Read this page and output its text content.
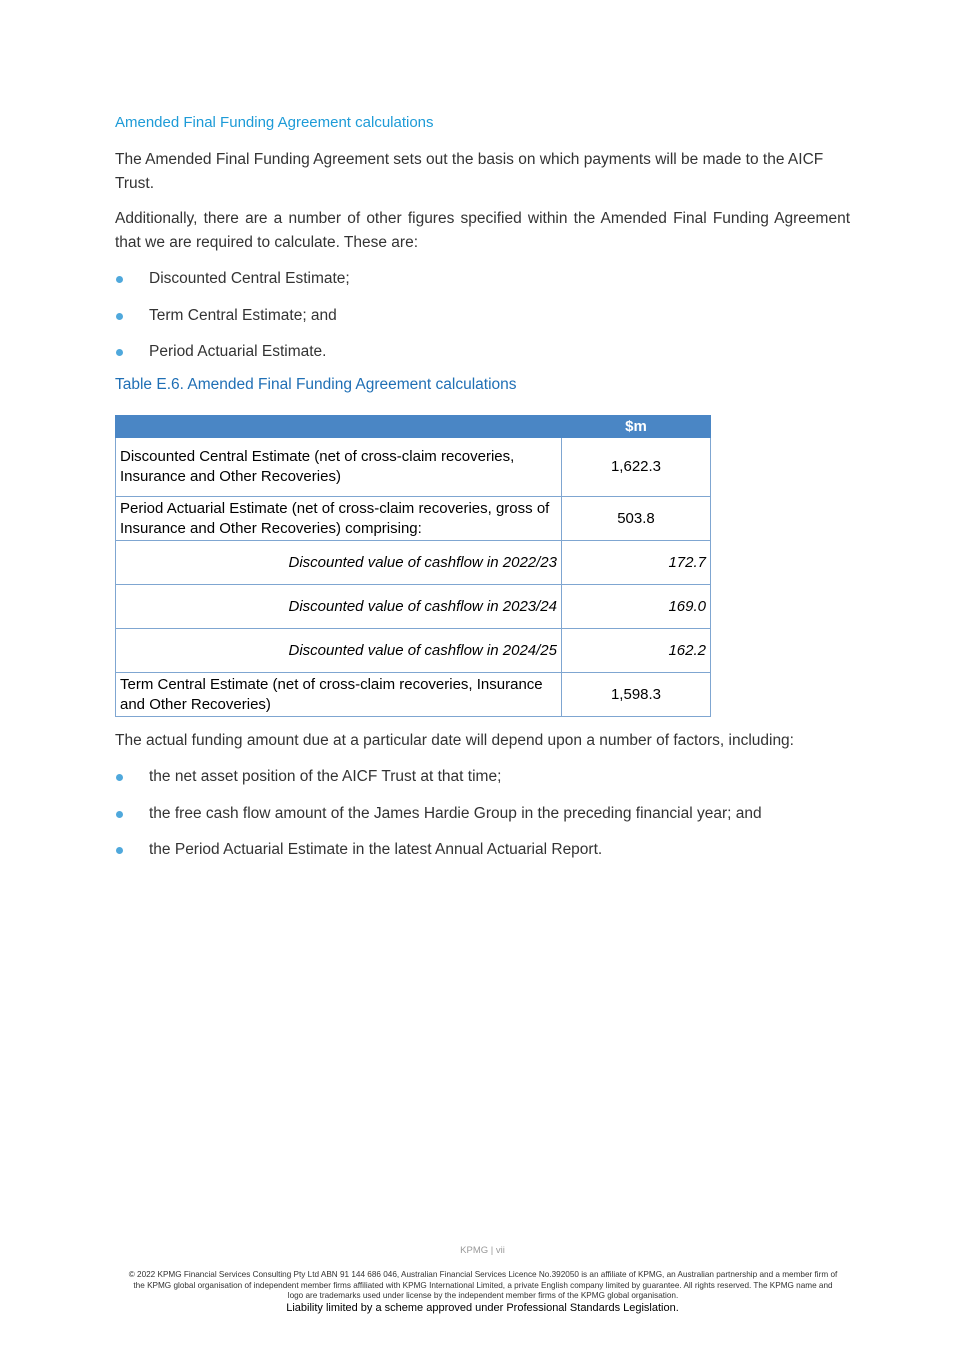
Amended Final Funding Agreement calculations

The Amended Final Funding Agreement sets out the basis on which payments will be made to the AICF Trust.

Additionally, there are a number of other figures specified within the Amended Final Funding Agreement that we are required to calculate. These are:

Discounted Central Estimate;
Term Central Estimate; and
Period Actuarial Estimate.

Table E.6. Amended Final Funding Agreement calculations

	$m
Discounted Central Estimate (net of cross-claim recoveries, Insurance and Other Recoveries)	1,622.3
Period Actuarial Estimate (net of cross-claim recoveries, gross of Insurance and Other Recoveries) comprising:	503.8
Discounted value of cashflow in 2022/23	172.7
Discounted value of cashflow in 2023/24	169.0
Discounted value of cashflow in 2024/25	162.2
Term Central Estimate (net of cross-claim recoveries, Insurance and Other Recoveries)	1,598.3

The actual funding amount due at a particular date will depend upon a number of factors, including:

the net asset position of the AICF Trust at that time;
the free cash flow amount of the James Hardie Group in the preceding financial year; and
the Period Actuarial Estimate in the latest Annual Actuarial Report.
KPMG | vii

© 2022 KPMG Financial Services Consulting Pty Ltd ABN 91 144 686 046, Australian Financial Services Licence No.392050 is an affiliate of KPMG, an Australian partnership and a member firm of the KPMG global organisation of independent member firms affiliated with KPMG International Limited, a private English company limited by guarantee. All rights reserved. The KPMG name and logo are trademarks used under license by the independent member firms of the KPMG global organisation.

Liability limited by a scheme approved under Professional Standards Legislation.
